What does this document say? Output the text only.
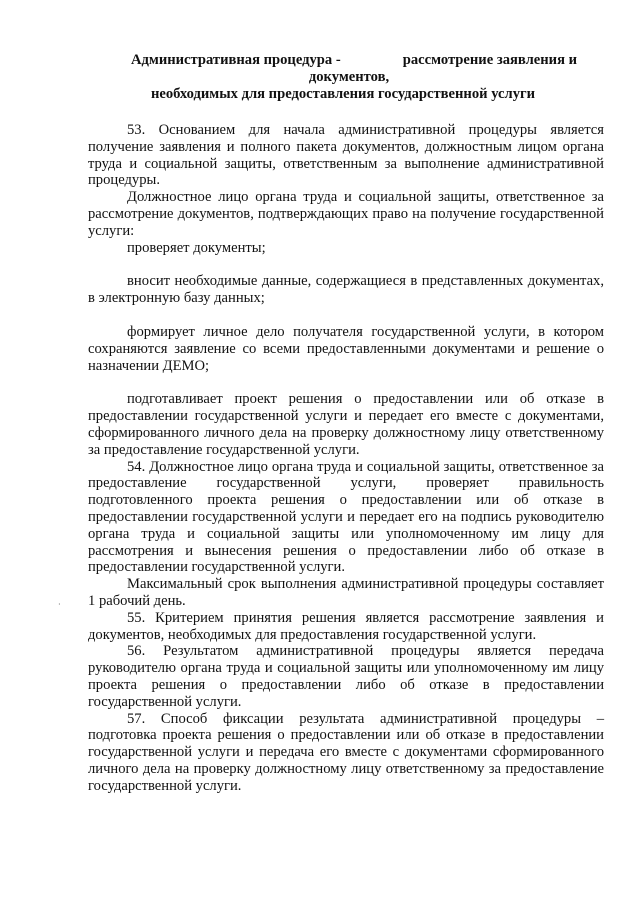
Административная процедура -	рассмотрение заявления и
документов,
необходимых для предоставления государственной услуги

53. Основанием для начала административной процедуры является получение заявления и полного пакета документов, должностным лицом органа труда и социальной защиты, ответственным за выполнение административной процедуры.

Должностное лицо органа труда и социальной защиты, ответственное за рассмотрение документов, подтверждающих право на получение государственной услуги:

проверяет документы;

вносит необходимые данные, содержащиеся в представленных документах, в электронную базу данных;

формирует личное дело получателя государственной услуги, в котором сохраняются заявление со всеми предоставленными документами и решение о назначении ДЕМО;

подготавливает проект решения о предоставлении или об отказе в предоставлении государственной услуги и передает его вместе с документами, сформированного личного дела на проверку должностному лицу ответственному за предоставление государственной услуги.

54. Должностное лицо органа труда и социальной защиты, ответственное за предоставление государственной услуги, проверяет правильность подготовленного проекта решения о предоставлении или об отказе в предоставлении государственной услуги и передает его на подпись руководителю органа труда и социальной защиты или уполномоченному им лицу для рассмотрения и вынесения решения о предоставлении либо об отказе в предоставлении государственной услуги.

Максимальный срок выполнения административной процедуры составляет 1 рабочий день.

55. Критерием принятия решения является рассмотрение заявления и документов, необходимых для предоставления государственной услуги.

56. Результатом административной процедуры является передача руководителю органа труда и социальной защиты или уполномоченному им лицу проекта решения о предоставлении либо об отказе в предоставлении государственной услуги.

57. Способ фиксации результата административной процедуры – подготовка проекта решения о предоставлении или об отказе в предоставлении государственной услуги и передача его вместе с документами сформированного личного дела на проверку должностному лицу ответственному за предоставление государственной услуги.

·
